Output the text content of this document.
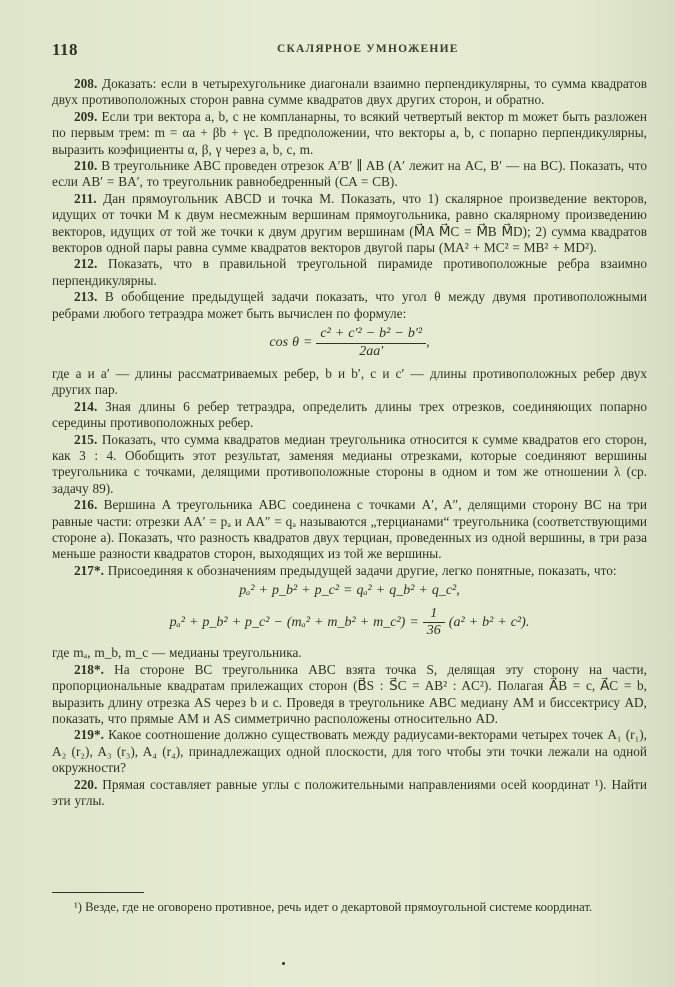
118	СКАЛЯРНОЕ УМНОЖЕНИЕ

208. Доказать: если в четырехугольнике диагонали взаимно перпендикулярны, то сумма квадратов двух противоположных сторон равна сумме квадратов двух других сторон, и обратно.

209. Если три вектора a, b, c не компланарны, то всякий четвертый вектор m может быть разложен по первым трем: m = αa + βb + γc. В предположении, что векторы a, b, c попарно перпендикулярны, выразить коэфициенты α, β, γ через a, b, c, m.

210. В треугольнике ABC проведен отрезок A′B′ ∥ AB (A′ лежит на AC, B′ — на BC). Показать, что если AB′ = BA′, то треугольник равнобедренный (CA = CB).

211. Дан прямоугольник ABCD и точка M. Показать, что 1) скалярное произведение векторов, идущих от точки M к двум несмежным вершинам прямоугольника, равно скалярному произведению векторов, идущих от той же точки к двум другим вершинам (M⃗A M⃗C = M⃗B M⃗D); 2) сумма квадратов векторов одной пары равна сумме квадратов векторов двугой пары (MA² + MC² = MB² + MD²).

212. Показать, что в правильной треугольной пирамиде противоположные ребра взаимно перпендикулярны.

213. В обобщение предыдущей задачи показать, что угол θ между двумя противоположными ребрами любого тетраэдра может быть вычислен по формуле:

$\cos \theta = \frac{\text{c² + c′² − b² − b′²}}{2aa'}$ ,

где a и a′ — длины рассматриваемых ребер, b и b′, c и c′ — длины противоположных ребер двух других пар.

214. Зная длины 6 ребер тетраэдра, определить длины трех отрезков, соединяющих попарно середины противоположных ребер.

215. Показать, что сумма квадратов медиан треугольника относится к сумме квадратов его сторон, как 3 : 4. Обобщить этот результат, заменяя медианы отрезками, которые соединяют вершины треугольника с точками, делящими противоположные стороны в одном и том же отношении λ (ср. задачу 89).

216. Вершина A треугольника ABC соединена с точками A′, A″, делящими сторону BC на три равные части: отрезки AA′ = pₐ и AA″ = qₐ называются „терцианами“ треугольника (соответствующими стороне a). Показать, что разность квадратов двух терциан, проведенных из одной вершины, в три раза меньше разности квадратов сторон, выходящих из той же вершины.

217*. Присоединяя к обозначениям предыдущей задачи другие, легко понятные, показать, что:

pₐ² + p_b² + p_c² = qₐ² + q_b² + q_c²,
pₐ² + p_b² + p_c² − (mₐ² + m_b² + m_c²) = $\frac{1}{36} (a^2 + b^2 + c^2)$.

где mₐ, m_b, m_c — медианы треугольника.

218*. На стороне BC треугольника ABC взята точка S, делящая эту сторону на части, пропорциональные квадратам прилежащих сторон (B⃗S : S⃗C = AB² : AC²). Полагая A⃗B = c, A⃗C = b, выразить длину отрезка AS через b и c. Проведя в треугольнике ABC медиану AM и биссектрису AD, показать, что прямые AM и AS симметрично расположены относительно AD.

219*. Какое соотношение должно существовать между радиусами-векторами четырех точек A₁ (r₁), A₂ (r₂), A₃ (r₃), A₄ (r₄), принадлежащих одной плоскости, для того чтобы эти точки лежали на одной окружности?

220. Прямая составляет равные углы с положительными направлениями осей координат ¹). Найти эти углы.

¹) Везде, где не оговорено противное, речь идет о декартовой прямоугольной системе координат.
